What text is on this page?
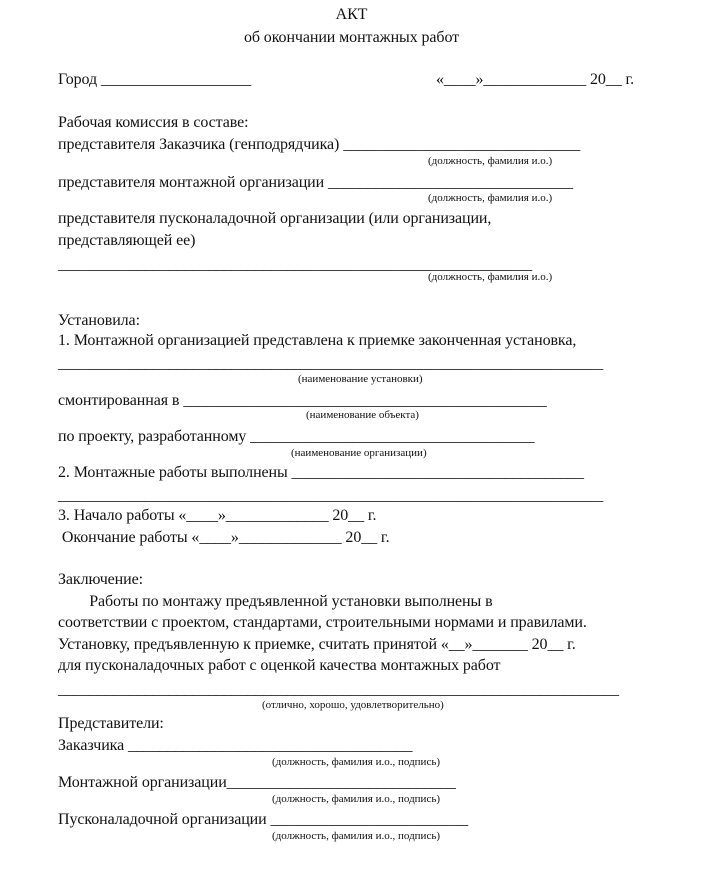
АКТ
об окончании монтажных работ
Город ___________________	«____»_____________ 20__ г.
Рабочая комиссия в составе:
представителя Заказчика (генподрядчика) ______________________________
(должность, фамилия и.о.)
представителя монтажной организации _______________________________
(должность, фамилия и.о.)
представителя пусконаладочной организации (или организации,
представляющей ее)
____________________________________________________________
(должность, фамилия и.о.)
Установила:
1. Монтажной организацией представлена к приемке законченная установка,
_____________________________________________________________________
(наименование установки)
смонтированная в ______________________________________________
(наименование объекта)
по проекту, разработанному ____________________________________
(наименование организации)
2. Монтажные работы выполнены _____________________________________
_____________________________________________________________________
3. Начало работы «____»_____________ 20__ г.
Окончание работы «____»_____________ 20__ г.
Заключение:
Работы по монтажу предъявленной установки выполнены в
соответствии с проектом, стандартами, строительными нормами и правилами.
Установку, предъявленную к приемке, считать принятой «__»_______ 20__ г.
для пусконаладочных работ с оценкой качества монтажных работ
_______________________________________________________________________
(отлично, хорошо, удовлетворительно)
Представители:
Заказчика ____________________________________
(должность, фамилия и.о., подпись)
Монтажной организации_____________________________
(должность, фамилия и.о., подпись)
Пусконаладочной организации _________________________
(должность, фамилия и.о., подпись)
